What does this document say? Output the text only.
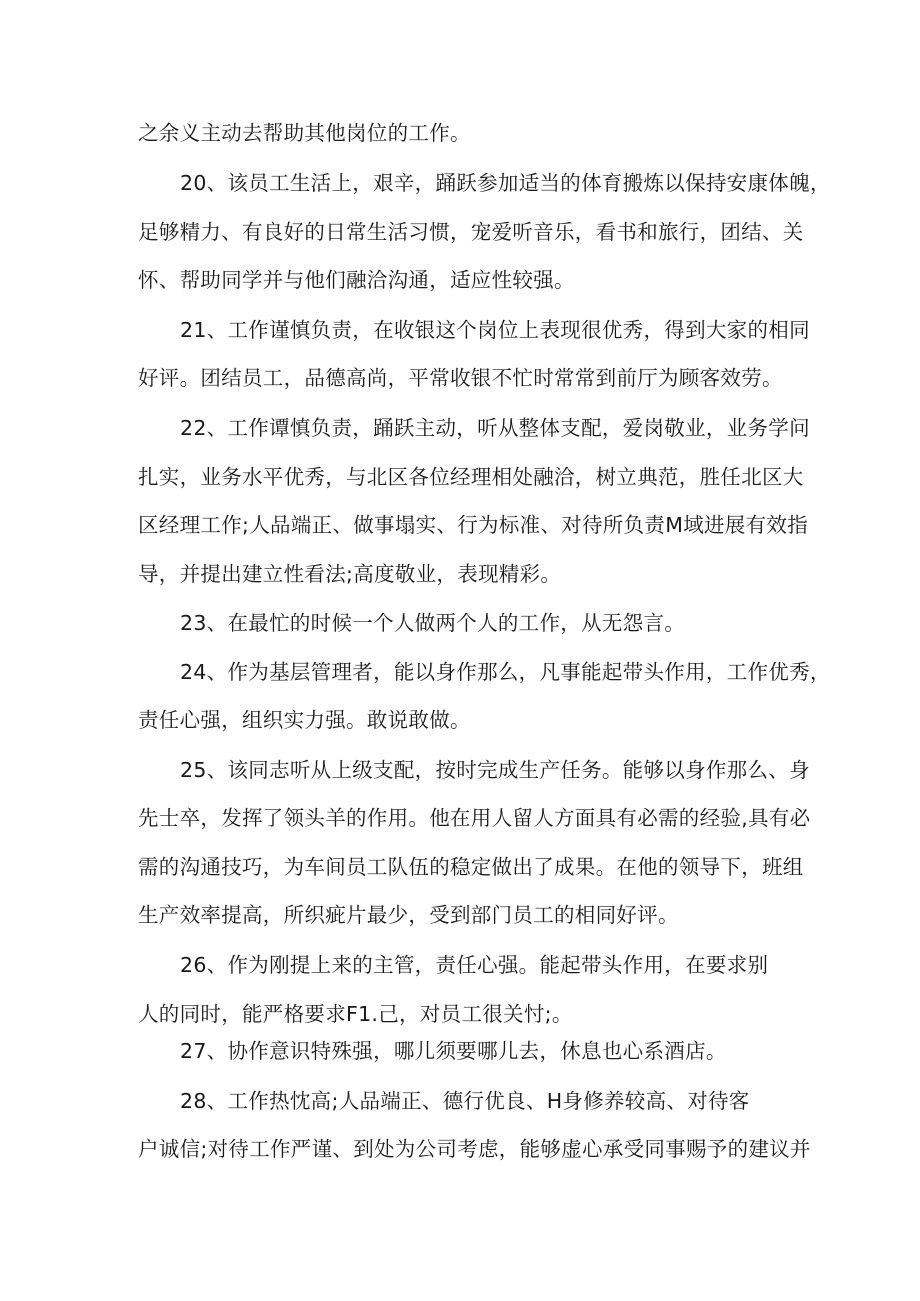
之余义主动去帮助其他岗位的工作。
20、该员工生活上，艰辛，踊跃参加适当的体育搬炼以保持安康体魄，
足够精力、有良好的日常生活习惯，宠爱听音乐，看书和旅行，团结、关
怀、帮助同学并与他们融洽沟通，适应性较强。
21、工作谨慎负责，在收银这个岗位上表现很优秀，得到大家的相同
好评。团结员工，品德高尚，平常收银不忙时常常到前厅为顾客效劳。
22、工作谭慎负责，踊跃主动，听从整体支配，爱岗敬业，业务学问
扎实，业务水平优秀，与北区各位经理相处融洽，树立典范，胜任北区大
区经理工作;人品端正、做事塌实、行为标准、对待所负责M域进展有效指
导，并提出建立性看法;高度敬业，表现精彩。
23、在最忙的时候一个人做两个人的工作，从无怨言。
24、作为基层管理者，能以身作那么，凡事能起带头作用，工作优秀，
责任心强，组织实力强。敢说敢做。
25、该同志听从上级支配，按时完成生产任务。能够以身作那么、身
先士卒，发挥了领头羊的作用。他在用人留人方面具有必需的经验,具有必
需的沟通技巧，为车间员工队伍的稳定做出了成果。在他的领导下，班组
生产效率提高，所织疵片最少，受到部门员工的相同好评。
26、作为刚提上来的主管，责任心强。能起带头作用，在要求别
人的同时，能严格要求F1.己，对员工很关忖;。
27、协作意识特殊强，哪儿须要哪儿去，休息也心系酒店。
28、工作热忱高;人品端正、德行优良、H身修养较高、对待客
户诚信;对待工作严谨、到处为公司考虑，能够虚心承受同事赐予的建议并
